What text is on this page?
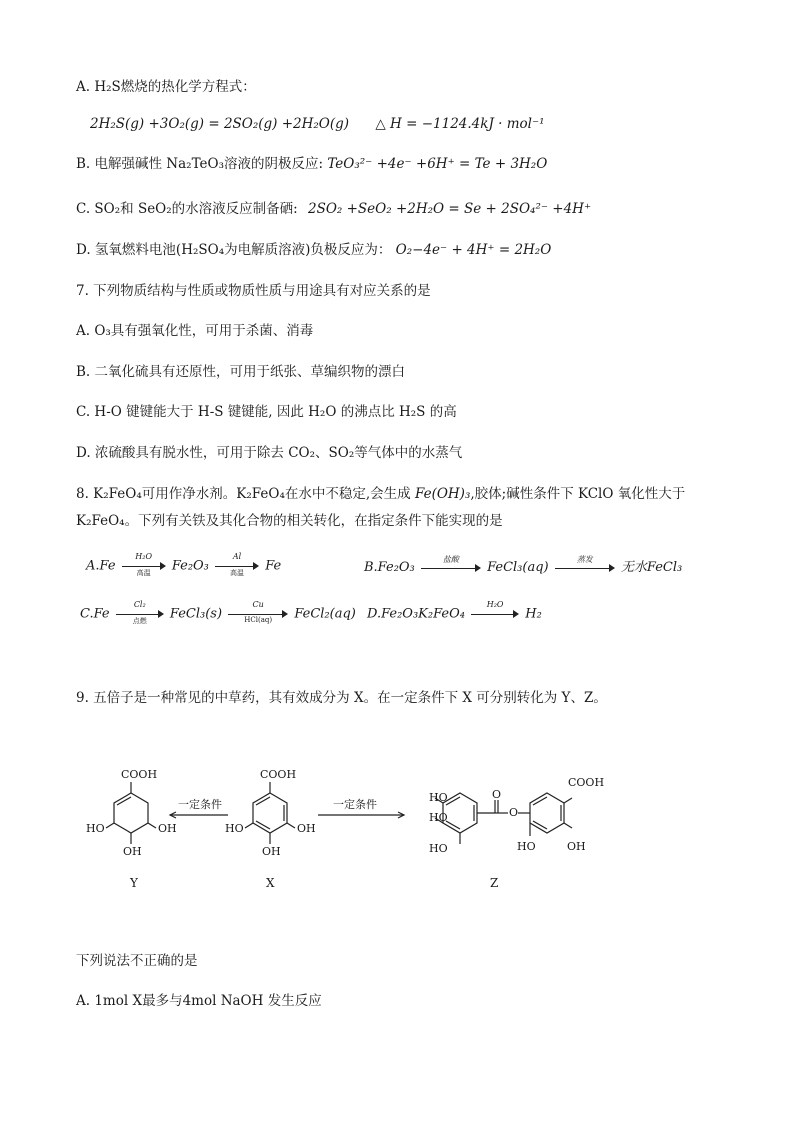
A. H₂S燃烧的热化学方程式：
2H₂S(g) +3O₂(g) = 2SO₂(g) +2H₂O(g) △ H = −1124.4kJ · mol⁻¹
B. 电解强碱性 Na₂TeO₃溶液的阴极反应: TeO₃²⁻ +4e⁻ +6H⁺ = Te + 3H₂O
C. SO₂和 SeO₂的水溶液反应制备硒: 2SO₂ +SeO₂ +2H₂O = Se + 2SO₄²⁻ +4H⁺
D. 氢氧燃料电池(H₂SO₄为电解质溶液)负极反应为： O₂−4e⁻ + 4H⁺ = 2H₂O
7. 下列物质结构与性质或物质性质与用途具有对应关系的是
A. O₃具有强氧化性，可用于杀菌、消毒
B. 二氧化硫具有还原性，可用于纸张、草编织物的漂白
C. H-O 键键能大于 H-S 键键能, 因此 H₂O 的沸点比 H₂S 的高
D. 浓硫酸具有脱水性，可用于除去 CO₂、SO₂等气体中的水蒸气
8. K₂FeO₄可用作净水剂。K₂FeO₄在水中不稳定,会生成 Fe(OH)₃,胶体;碱性条件下 KClO 氧化性大于
K₂FeO₄。下列有关铁及其化合物的相关转化，在指定条件下能实现的是
A.Fe
H₂O
高温	Fe₂O₃
Al
高温	Fe	B.Fe₂O₃
盐酸
FeCl₃(aq)
蒸发
无水FeCl₃
C.Fe
Cl₂
点燃	FeCl₃(s)
Cu
HCl(aq)	FeCl₂(aq) D.Fe₂O₃K₂FeO₄
H₂O
H₂
9. 五倍子是一种常见的中草药，其有效成分为 X。在一定条件下 X 可分别转化为 Y、Z。
COOH
HO	OH
OH
Y
COOH
HO	OH
OH
X
一定条件	一定条件
HO
HO
HO
O
O
COOH
HO	OH
Z
下列说法不正确的是
A. 1mol X最多与4mol NaOH 发生反应
